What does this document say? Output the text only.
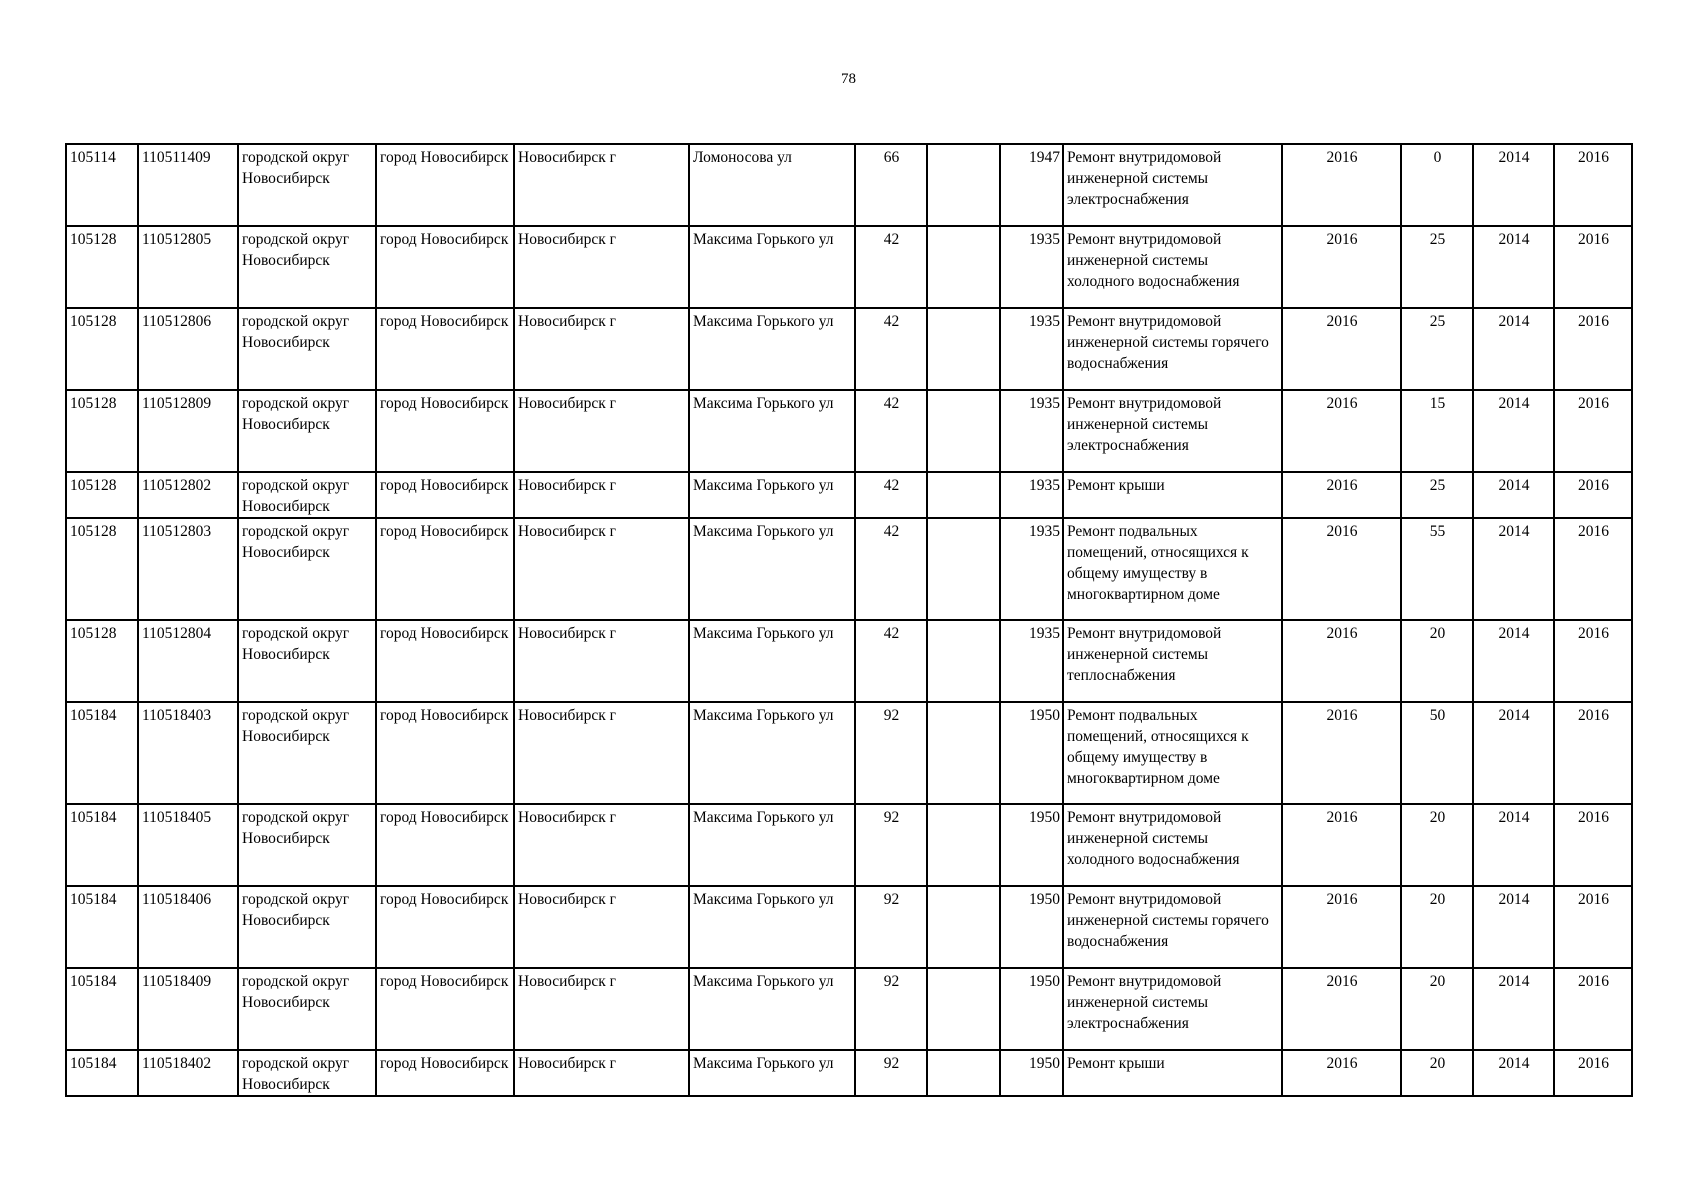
78
105114	110511409	городской округ Новосибирск	город Новосибирск	Новосибирск г	Ломоносова ул	66		1947	Ремонт внутридомовой инженерной системы электроснабжения	2016	0	2014	2016
105128	110512805	городской округ Новосибирск	город Новосибирск	Новосибирск г	Максима Горького ул	42		1935	Ремонт внутридомовой инженерной системы холодного водоснабжения	2016	25	2014	2016
105128	110512806	городской округ Новосибирск	город Новосибирск	Новосибирск г	Максима Горького ул	42		1935	Ремонт внутридомовой инженерной системы горячего водоснабжения	2016	25	2014	2016
105128	110512809	городской округ Новосибирск	город Новосибирск	Новосибирск г	Максима Горького ул	42		1935	Ремонт внутридомовой инженерной системы электроснабжения	2016	15	2014	2016
105128	110512802	городской округ Новосибирск	город Новосибирск	Новосибирск г	Максима Горького ул	42		1935	Ремонт крыши	2016	25	2014	2016
105128	110512803	городской округ Новосибирск	город Новосибирск	Новосибирск г	Максима Горького ул	42		1935	Ремонт подвальных помещений, относящихся к общему имуществу в многоквартирном доме	2016	55	2014	2016
105128	110512804	городской округ Новосибирск	город Новосибирск	Новосибирск г	Максима Горького ул	42		1935	Ремонт внутридомовой инженерной системы теплоснабжения	2016	20	2014	2016
105184	110518403	городской округ Новосибирск	город Новосибирск	Новосибирск г	Максима Горького ул	92		1950	Ремонт подвальных помещений, относящихся к общему имуществу в многоквартирном доме	2016	50	2014	2016
105184	110518405	городской округ Новосибирск	город Новосибирск	Новосибирск г	Максима Горького ул	92		1950	Ремонт внутридомовой инженерной системы холодного водоснабжения	2016	20	2014	2016
105184	110518406	городской округ Новосибирск	город Новосибирск	Новосибирск г	Максима Горького ул	92		1950	Ремонт внутридомовой инженерной системы горячего водоснабжения	2016	20	2014	2016
105184	110518409	городской округ Новосибирск	город Новосибирск	Новосибирск г	Максима Горького ул	92		1950	Ремонт внутридомовой инженерной системы электроснабжения	2016	20	2014	2016
105184	110518402	городской округ Новосибирск	город Новосибирск	Новосибирск г	Максима Горького ул	92		1950	Ремонт крыши	2016	20	2014	2016
